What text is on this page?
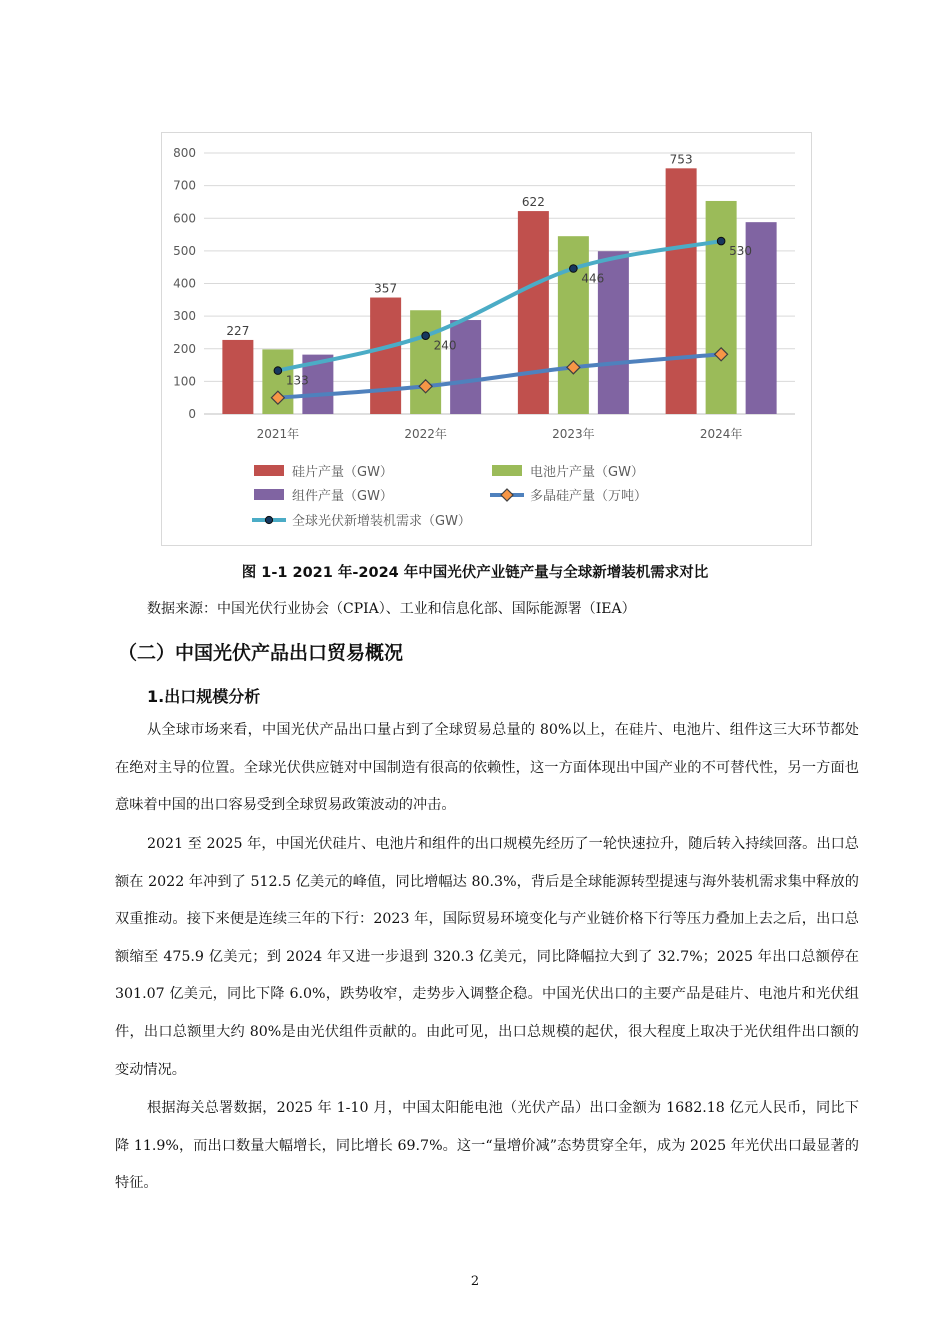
0
100
200
300
400
500
600
700
800
2021年	2022年	2023年	2024年
227
357
622
753
133
240
446
530
硅片产量（GW）	电池片产量（GW）
组件产量（GW）	多晶硅产量（万吨）
全球光伏新增装机需求（GW）
图 1-1 2021 年-2024 年中国光伏产业链产量与全球新增装机需求对比
数据来源：中国光伏行业协会（CPIA）、工业和信息化部、国际能源署（IEA）
（二）中国光伏产品出口贸易概况
1.出口规模分析

从全球市场来看，中国光伏产品出口量占到了全球贸易总量的 80%以上，在硅片、电池片、组件这三大环节都处在绝对主导的位置。全球光伏供应链对中国制造有很高的依赖性，这一方面体现出中国产业的不可替代性，另一方面也意味着中国的出口容易受到全球贸易政策波动的冲击。

2021 至 2025 年，中国光伏硅片、电池片和组件的出口规模先经历了一轮快速拉升，随后转入持续回落。出口总额在 2022 年冲到了 512.5 亿美元的峰值，同比增幅达 80.3%，背后是全球能源转型提速与海外装机需求集中释放的双重推动。接下来便是连续三年的下行：2023 年，国际贸易环境变化与产业链价格下行等压力叠加上去之后，出口总额缩至 475.9 亿美元；到 2024 年又进一步退到 320.3 亿美元，同比降幅拉大到了 32.7%；2025 年出口总额停在 301.07 亿美元，同比下降 6.0%，跌势收窄，走势步入调整企稳。中国光伏出口的主要产品是硅片、电池片和光伏组件，出口总额里大约 80%是由光伏组件贡献的。由此可见，出口总规模的起伏，很大程度上取决于光伏组件出口额的变动情况。

根据海关总署数据，2025 年 1-10 月，中国太阳能电池（光伏产品）出口金额为 1682.18 亿元人民币，同比下降 11.9%，而出口数量大幅增长，同比增长 69.7%。这一“量增价减”态势贯穿全年，成为 2025 年光伏出口最显著的特征。

2
